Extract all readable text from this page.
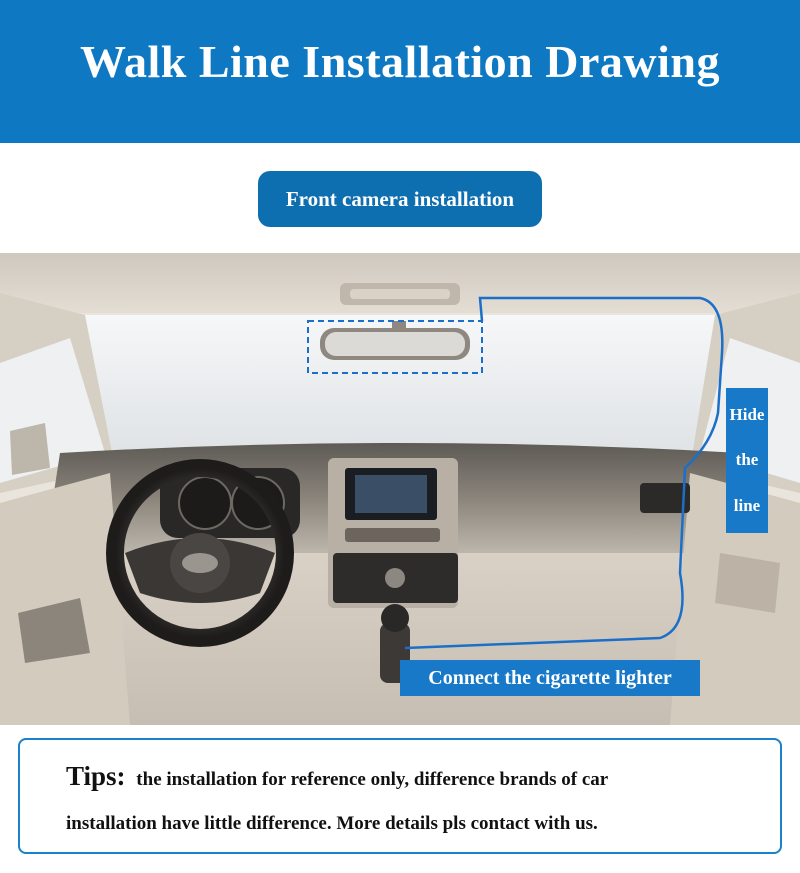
Walk Line Installation Drawing
Front camera installation
Hide
the
line
Connect the cigarette lighter
Tips: the installation for reference only, difference brands of car
installation have little difference. More details pls contact with us.
